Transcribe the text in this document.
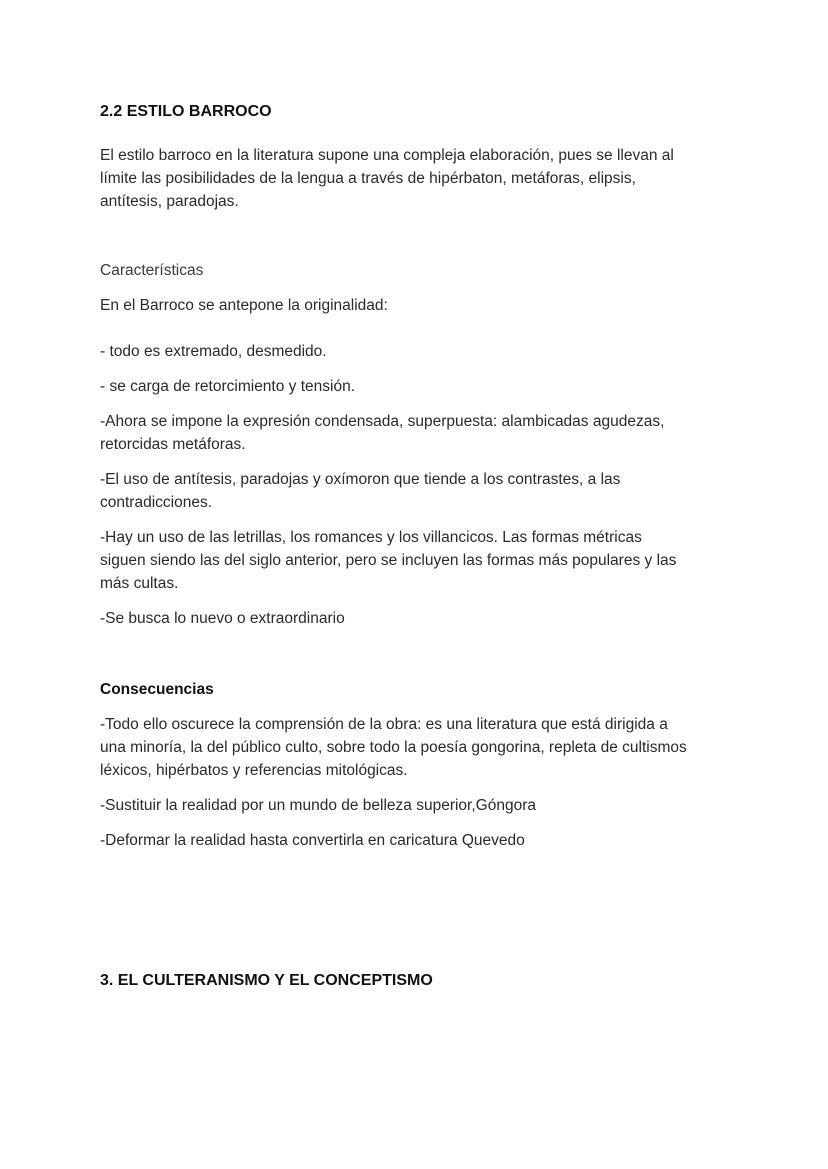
2.2 ESTILO BARROCO
El estilo barroco en la literatura supone una compleja elaboración, pues se llevan al
límite las posibilidades de la lengua a través de hipérbaton, metáforas, elipsis,
antítesis, paradojas.
Características
En el Barroco se antepone la originalidad:
- todo es extremado, desmedido.
- se carga de retorcimiento y tensión.
-Ahora se impone la expresión condensada, superpuesta: alambicadas agudezas,
retorcidas metáforas.
-El uso de antítesis, paradojas y oxímoron que tiende a los contrastes, a las
contradicciones.
-Hay un uso de las letrillas, los romances y los villancicos. Las formas métricas
siguen siendo las del siglo anterior, pero se incluyen las formas más populares y las
más cultas.
-Se busca lo nuevo o extraordinario
Consecuencias
-Todo ello oscurece la comprensión de la obra: es una literatura que está dirigida a
una minoría, la del público culto, sobre todo la poesía gongorina, repleta de cultismos
léxicos, hipérbatos y referencias mitológicas.
-Sustituir la realidad por un mundo de belleza superior,Góngora
-Deformar la realidad hasta convertirla en caricatura Quevedo
3. EL CULTERANISMO Y EL CONCEPTISMO
